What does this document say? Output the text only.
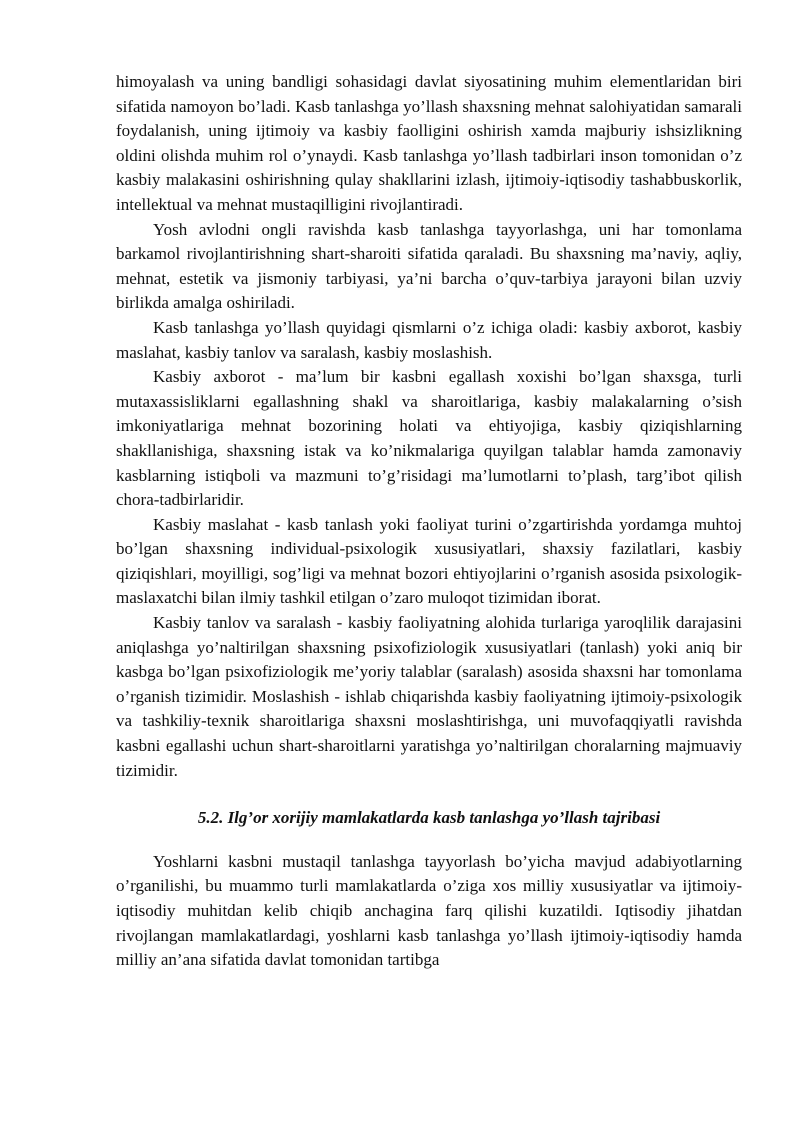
himoyalash va uning bandligi sohasidagi davlat siyosatining muhim elementlaridan biri sifatida namoyon bo’ladi. Kasb tanlashga yo’llash shaxsning mehnat salohiyatidan samarali foydalanish, uning ijtimoiy va kasbiy faolligini oshirish xamda majburiy ishsizlikning oldini olishda muhim rol o’ynaydi. Kasb tanlashga yo’llash tadbirlari inson tomonidan o’z kasbiy malakasini oshirishning qulay shakllarini izlash, ijtimoiy-iqtisodiy tashabbuskorlik, intellektual va mehnat mustaqilligini rivojlantiradi.

Yosh avlodni ongli ravishda kasb tanlashga tayyorlashga, uni har tomonlama barkamol rivojlantirishning shart-sharoiti sifatida qaraladi. Bu shaxsning ma’naviy, aqliy, mehnat, estetik va jismoniy tarbiyasi, ya’ni barcha o’quv-tarbiya jarayoni bilan uzviy birlikda amalga oshiriladi.

Kasb tanlashga yo’llash quyidagi qismlarni o’z ichiga oladi: kasbiy axborot, kasbiy maslahat, kasbiy tanlov va saralash, kasbiy moslashish.

Kasbiy axborot - ma’lum bir kasbni egallash xoxishi bo’lgan shaxsga, turli mutaxassisliklarni egallashning shakl va sharoitlariga, kasbiy malakalarning o’sish imkoniyatlariga mehnat bozorining holati va ehtiyojiga, kasbiy qiziqishlarning shakllanishiga, shaxsning istak va ko’nikmalariga quyilgan talablar hamda zamonaviy kasblarning istiqboli va mazmuni to’g’risidagi ma’lumotlarni to’plash, targ’ibot qilish chora-tadbirlaridir.

Kasbiy maslahat - kasb tanlash yoki faoliyat turini o’zgartirishda yordamga muhtoj bo’lgan shaxsning individual-psixologik xususiyatlari, shaxsiy fazilatlari, kasbiy qiziqishlari, moyilligi, sog’ligi va mehnat bozori ehtiyojlarini o’rganish asosida psixologik-maslaxatchi bilan ilmiy tashkil etilgan o’zaro muloqot tizimidan iborat.

Kasbiy tanlov va saralash - kasbiy faoliyatning alohida turlariga yaroqlilik darajasini aniqlashga yo’naltirilgan shaxsning psixofiziologik xususiyatlari (tanlash) yoki aniq bir kasbga bo’lgan psixofiziologik me’yoriy talablar (saralash) asosida shaxsni har tomonlama o’rganish tizimidir. Moslashish - ishlab chiqarishda kasbiy faoliyatning ijtimoiy-psixologik va tashkiliy-texnik sharoitlariga shaxsni moslashtirishga, uni muvofaqqiyatli ravishda kasbni egallashi uchun shart-sharoitlarni yaratishga yo’naltirilgan choralarning majmuaviy tizimidir.

5.2. Ilg’or xorijiy mamlakatlarda kasb tanlashga yo’llash tajribasi

Yoshlarni kasbni mustaqil tanlashga tayyorlash bo’yicha mavjud adabiyotlarning o’rganilishi, bu muammo turli mamlakatlarda o’ziga xos milliy xususiyatlar va ijtimoiy-iqtisodiy muhitdan kelib chiqib anchagina farq qilishi kuzatildi. Iqtisodiy jihatdan rivojlangan mamlakatlardagi, yoshlarni kasb tanlashga yo’llash ijtimoiy-iqtisodiy hamda milliy an’ana sifatida davlat tomonidan tartibga
